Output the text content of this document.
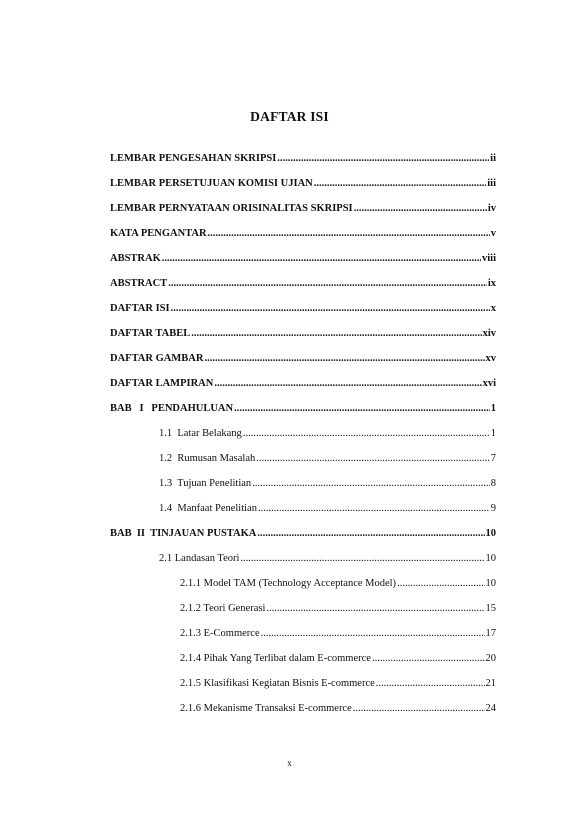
DAFTAR ISI
LEMBAR PENGESAHAN SKRIPSI .....	ii
LEMBAR PERSETUJUAN KOMISI UJIAN .....	iii
LEMBAR PERNYATAAN ORISINALITAS SKRIPSI .....	iv
KATA PENGANTAR .....	v
ABSTRAK .....	viii
ABSTRACT .....	ix
DAFTAR ISI .....	x
DAFTAR TABEL .....	xiv
DAFTAR GAMBAR .....	xv
DAFTAR LAMPIRAN .....	xvi
BAB   I   PENDAHULUAN .....	1
1.1  Latar Belakang .....	1
1.2  Rumusan Masalah .....	7
1.3  Tujuan Penelitian .....	8
1.4  Manfaat Penelitian .....	9
BAB  II  TINJAUAN PUSTAKA .....	10
2.1 Landasan Teori .....	10
2.1.1 Model TAM (Technology Acceptance Model) .....	10
2.1.2 Teori Generasi .....	15
2.1.3 E-Commerce .....	17
2.1.4 Pihak Yang Terlibat dalam E-commerce .....	20
2.1.5 Klasifikasi Kegiatan Bisnis E-commerce .....	21
2.1.6 Mekanisme Transaksi E-commerce .....	24
x
